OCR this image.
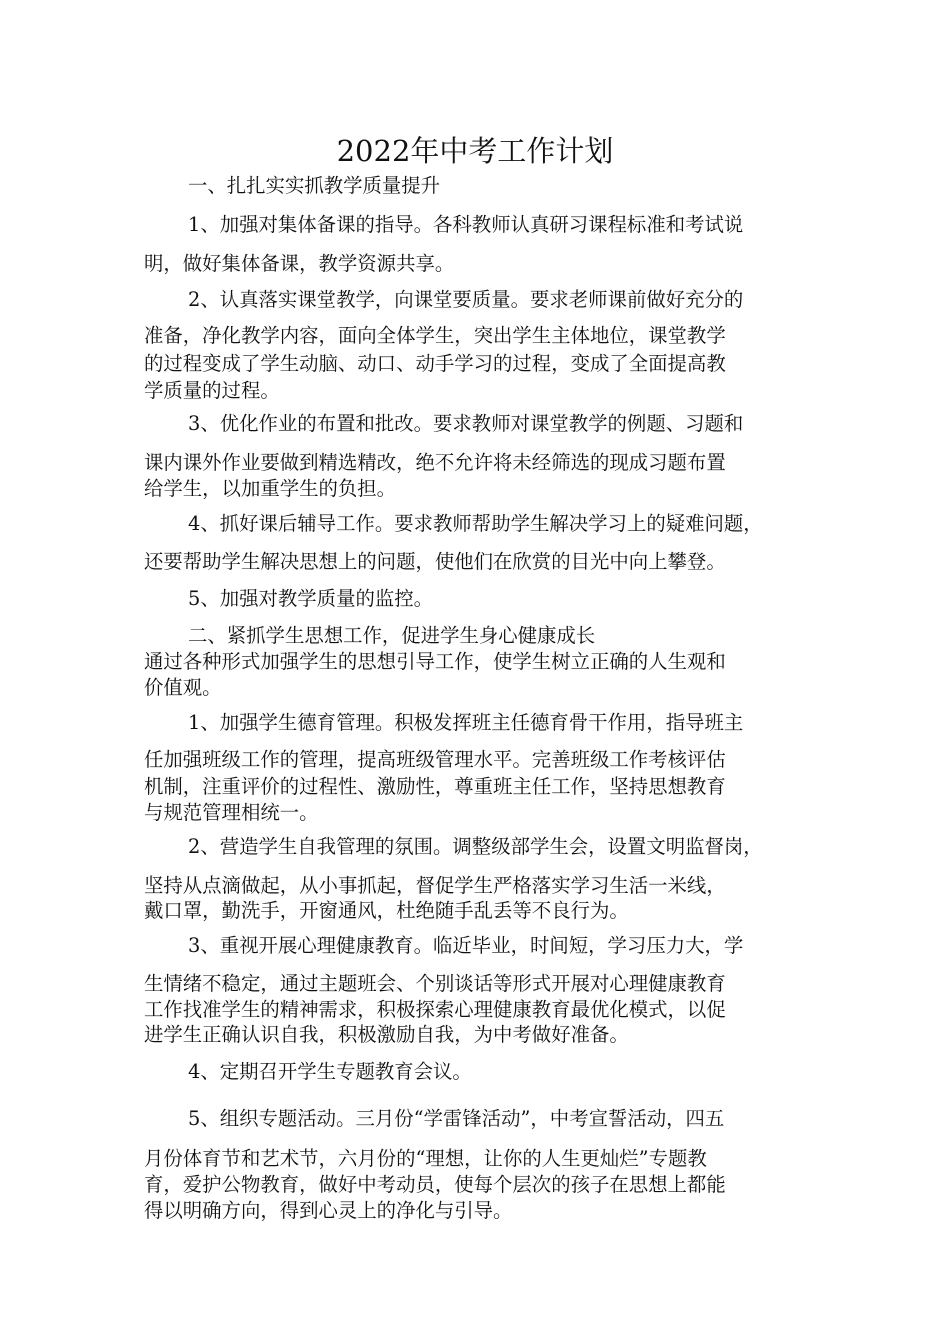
2022年中考工作计划
一、扎扎实实抓教学质量提升
1、加强对集体备课的指导。各科教师认真研习课程标准和考试说
明，做好集体备课，教学资源共享。
2、认真落实课堂教学，向课堂要质量。要求老师课前做好充分的
准备，净化教学内容，面向全体学生，突出学生主体地位，课堂教学
的过程变成了学生动脑、动口、动手学习的过程，变成了全面提高教
学质量的过程。
3、优化作业的布置和批改。要求教师对课堂教学的例题、习题和
课内课外作业要做到精选精改，绝不允许将未经筛选的现成习题布置
给学生，以加重学生的负担。
4、抓好课后辅导工作。要求教师帮助学生解决学习上的疑难问题，
还要帮助学生解决思想上的问题，使他们在欣赏的目光中向上攀登。
5、加强对教学质量的监控。
二、紧抓学生思想工作，促进学生身心健康成长
通过各种形式加强学生的思想引导工作，使学生树立正确的人生观和
价值观。
1、加强学生德育管理。积极发挥班主任德育骨干作用，指导班主
任加强班级工作的管理，提高班级管理水平。完善班级工作考核评估
机制，注重评价的过程性、激励性，尊重班主任工作，坚持思想教育
与规范管理相统一。
2、营造学生自我管理的氛围。调整级部学生会，设置文明监督岗，
坚持从点滴做起，从小事抓起，督促学生严格落实学习生活一米线，
戴口罩，勤洗手，开窗通风，杜绝随手乱丢等不良行为。
3、重视开展心理健康教育。临近毕业，时间短，学习压力大，学
生情绪不稳定，通过主题班会、个别谈话等形式开展对心理健康教育
工作找准学生的精神需求，积极探索心理健康教育最优化模式，以促
进学生正确认识自我，积极激励自我，为中考做好准备。
4、定期召开学生专题教育会议。
5、组织专题活动。三月份“学雷锋活动”，中考宣誓活动，四五
月份体育节和艺术节，六月份的“理想，让你的人生更灿烂”专题教
育，爱护公物教育，做好中考动员，使每个层次的孩子在思想上都能
得以明确方向，得到心灵上的净化与引导。
